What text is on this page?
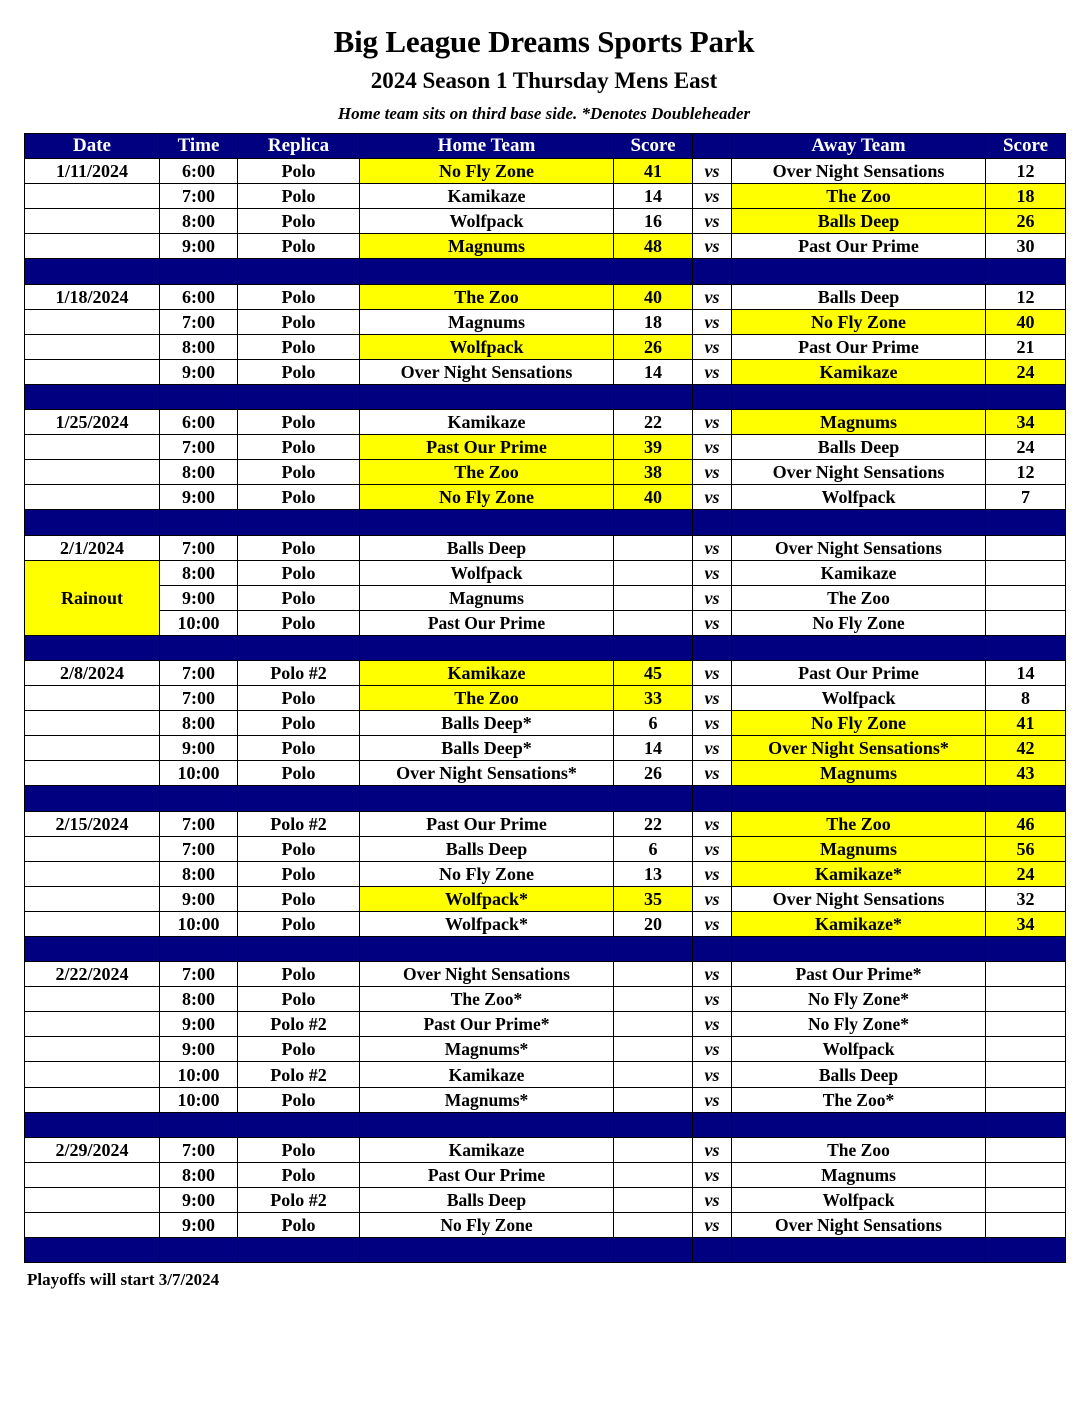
Big League Dreams Sports Park
2024 Season 1 Thursday Mens East
Home team sits on third base side. *Denotes Doubleheader
Date	Time	Replica	Home Team	Score		Away Team	Score
1/11/2024	6:00	Polo	No Fly Zone	41	vs	Over Night Sensations	12
	7:00	Polo	Kamikaze	14	vs	The Zoo	18
	8:00	Polo	Wolfpack	16	vs	Balls Deep	26
	9:00	Polo	Magnums	48	vs	Past Our Prime	30

1/18/2024	6:00	Polo	The Zoo	40	vs	Balls Deep	12
	7:00	Polo	Magnums	18	vs	No Fly Zone	40
	8:00	Polo	Wolfpack	26	vs	Past Our Prime	21
	9:00	Polo	Over Night Sensations	14	vs	Kamikaze	24

1/25/2024	6:00	Polo	Kamikaze	22	vs	Magnums	34
	7:00	Polo	Past Our Prime	39	vs	Balls Deep	24
	8:00	Polo	The Zoo	38	vs	Over Night Sensations	12
	9:00	Polo	No Fly Zone	40	vs	Wolfpack	7

2/1/2024	7:00	Polo	Balls Deep		vs	Over Night Sensations	
Rainout	8:00	Polo	Wolfpack		vs	Kamikaze	
	9:00	Polo	Magnums		vs	The Zoo	
	10:00	Polo	Past Our Prime		vs	No Fly Zone	

2/8/2024	7:00	Polo #2	Kamikaze	45	vs	Past Our Prime	14
	7:00	Polo	The Zoo	33	vs	Wolfpack	8
	8:00	Polo	Balls Deep*	6	vs	No Fly Zone	41
	9:00	Polo	Balls Deep*	14	vs	Over Night Sensations*	42
	10:00	Polo	Over Night Sensations*	26	vs	Magnums	43

2/15/2024	7:00	Polo #2	Past Our Prime	22	vs	The Zoo	46
	7:00	Polo	Balls Deep	6	vs	Magnums	56
	8:00	Polo	No Fly Zone	13	vs	Kamikaze*	24
	9:00	Polo	Wolfpack*	35	vs	Over Night Sensations	32
	10:00	Polo	Wolfpack*	20	vs	Kamikaze*	34

2/22/2024	7:00	Polo	Over Night Sensations		vs	Past Our Prime*	
	8:00	Polo	The Zoo*		vs	No Fly Zone*	
	9:00	Polo #2	Past Our Prime*		vs	No Fly Zone*	
	9:00	Polo	Magnums*		vs	Wolfpack	
	10:00	Polo #2	Kamikaze		vs	Balls Deep	
	10:00	Polo	Magnums*		vs	The Zoo*	

2/29/2024	7:00	Polo	Kamikaze		vs	The Zoo	
	8:00	Polo	Past Our Prime		vs	Magnums	
	9:00	Polo #2	Balls Deep		vs	Wolfpack	
	9:00	Polo	No Fly Zone		vs	Over Night Sensations	

Playoffs will start 3/7/2024
